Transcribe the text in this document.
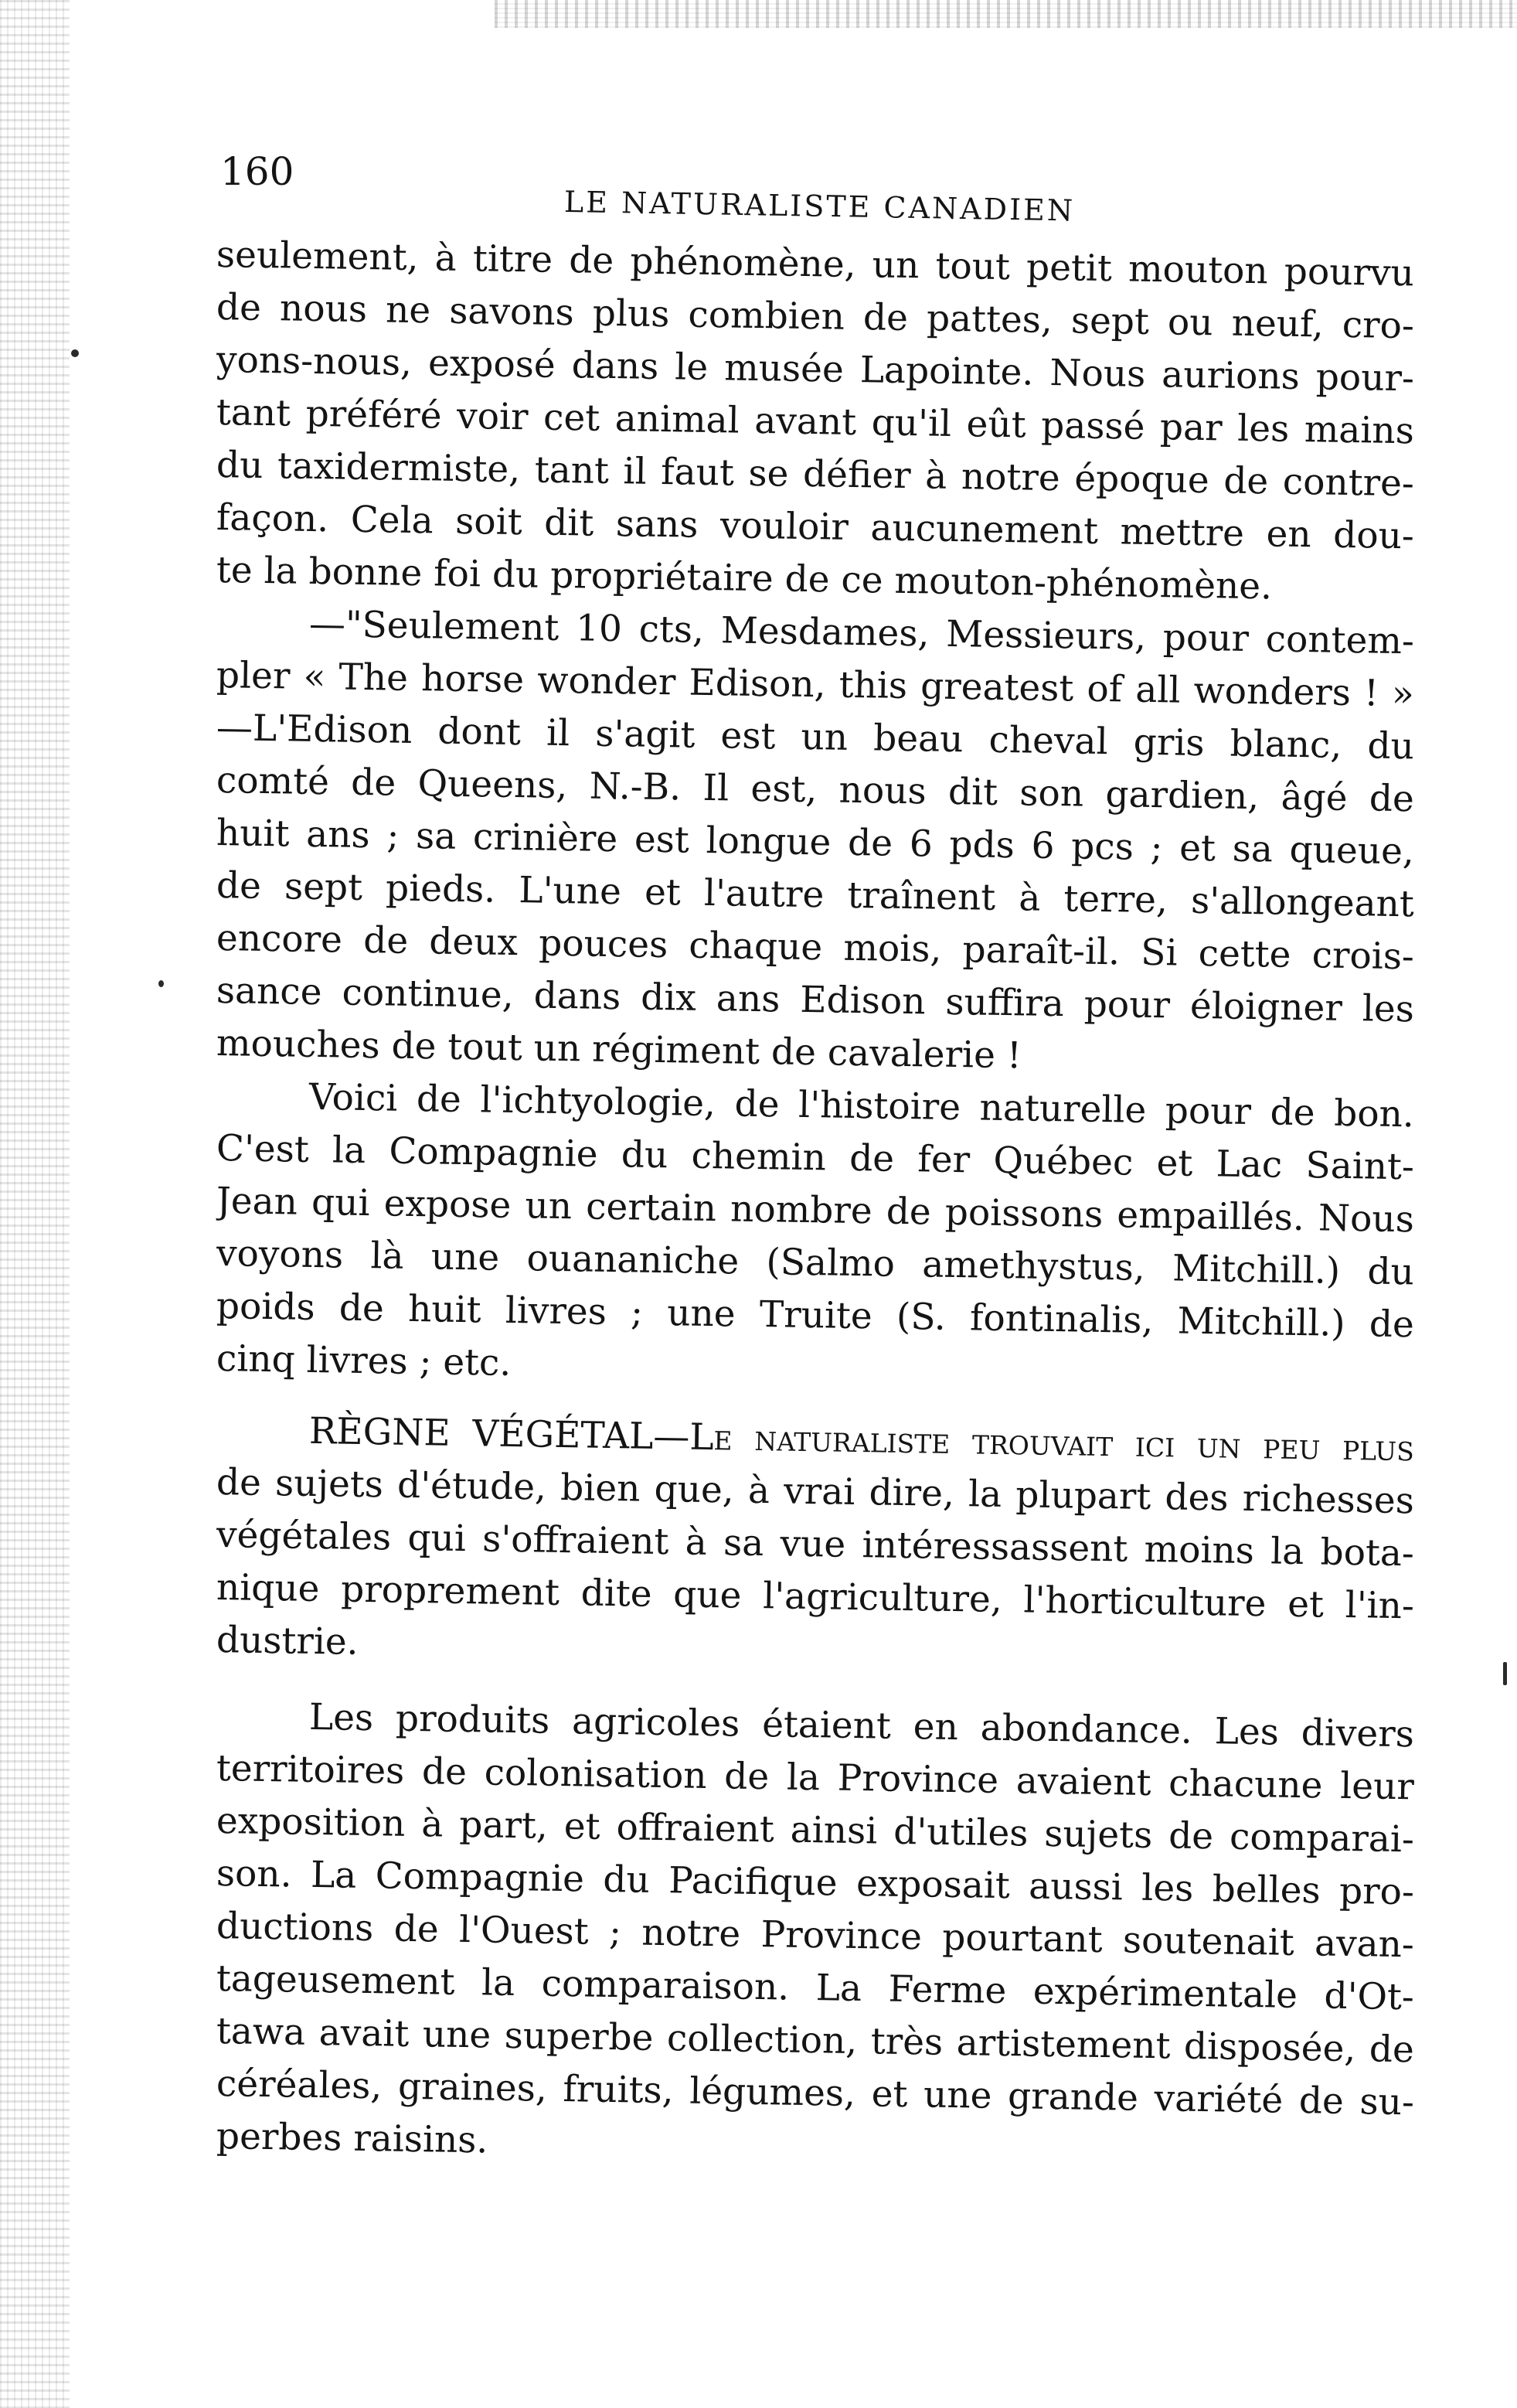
160
LE NATURALISTE CANADIEN
seulement, à titre de phénomène, un tout petit mouton pourvu
de nous ne savons plus combien de pattes, sept ou neuf, cro-
yons-nous, exposé dans le musée Lapointe. Nous aurions pour-
tant préféré voir cet animal avant qu'il eût passé par les mains
du taxidermiste, tant il faut se défier à notre époque de contre-
façon. Cela soit dit sans vouloir aucunement mettre en dou-
te la bonne foi du propriétaire de ce mouton-phénomène.
—"Seulement 10 cts, Mesdames, Messieurs, pour contem-
pler « The horse wonder Edison, this greatest of all wonders ! »
—L'Edison dont il s'agit est un beau cheval gris blanc, du
comté de Queens, N.-B. Il est, nous dit son gardien, âgé de
huit ans ; sa crinière est longue de 6 pds 6 pcs ; et sa queue,
de sept pieds. L'une et l'autre traînent à terre, s'allongeant
encore de deux pouces chaque mois, paraît-il. Si cette crois-
sance continue, dans dix ans Edison suffira pour éloigner les
mouches de tout un régiment de cavalerie !
Voici de l'ichtyologie, de l'histoire naturelle pour de bon.
C'est la Compagnie du chemin de fer Québec et Lac Saint-
Jean qui expose un certain nombre de poissons empaillés. Nous
voyons là une ouananiche (Salmo amethystus, Mitchill.) du
poids de huit livres ; une Truite (S. fontinalis, Mitchill.) de
cinq livres ; etc.
RÈGNE VÉGÉTAL—Le naturaliste trouvait ici un peu plus
de sujets d'étude, bien que, à vrai dire, la plupart des richesses
végétales qui s'offraient à sa vue intéressassent moins la bota-
nique proprement dite que l'agriculture, l'horticulture et l'in-
dustrie.
Les produits agricoles étaient en abondance. Les divers
territoires de colonisation de la Province avaient chacune leur
exposition à part, et offraient ainsi d'utiles sujets de comparai-
son. La Compagnie du Pacifique exposait aussi les belles pro-
ductions de l'Ouest ; notre Province pourtant soutenait avan-
tageusement la comparaison. La Ferme expérimentale d'Ot-
tawa avait une superbe collection, très artistement disposée, de
céréales, graines, fruits, légumes, et une grande variété de su-
perbes raisins.
